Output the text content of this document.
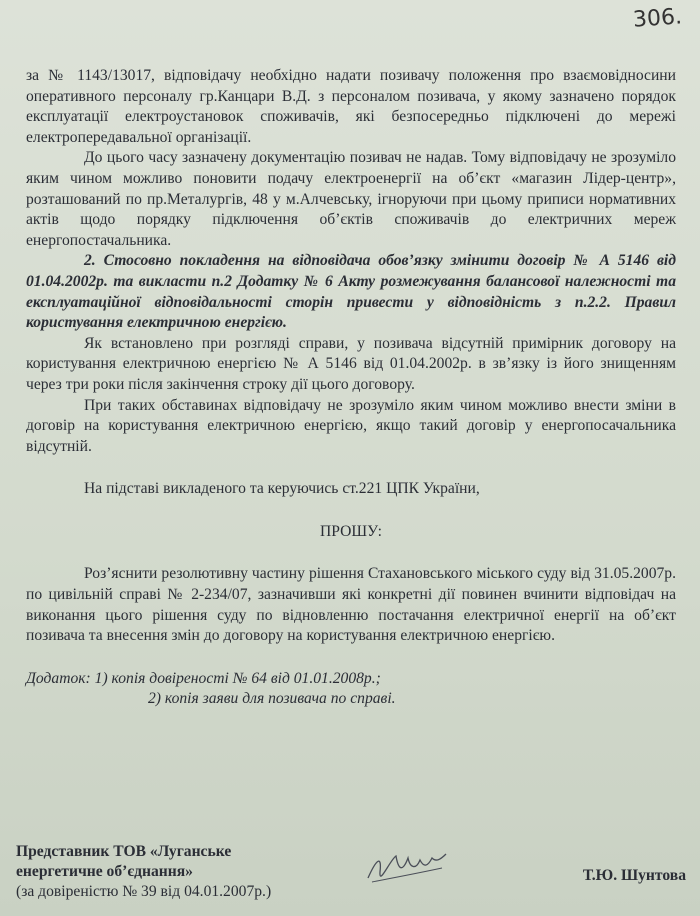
306.

за № 1143/13017, відповідачу необхідно надати позивачу положення про взаємовідносини оперативного персоналу гр.Канцари В.Д. з персоналом позивача, у якому зазначено порядок експлуатації електроустановок споживачів, які безпосередньо підключені до мережі електропередавальної організації.

До цього часу зазначену документацію позивач не надав. Тому відповідачу не зрозуміло яким чином можливо поновити подачу електроенергії на об’єкт «магазин Лідер-центр», розташований по пр.Металургів, 48 у м.Алчевську, ігноруючи при цьому приписи нормативних актів щодо порядку підключення об’єктів споживачів до електричних мереж енергопостачальника.

2. Стосовно покладення на відповідача обов’язку змінити договір № А 5146 від 01.04.2002р. та викласти п.2 Додатку № 6 Акту розмежування балансової належності та експлуатаційної відповідальності сторін привести у відповідність з п.2.2. Правил користування електричною енергією.

Як встановлено при розгляді справи, у позивача відсутній примірник договору на користування електричною енергією № А 5146 від 01.04.2002р. в зв’язку із його знищенням через три роки після закінчення строку дії цього договору.

При таких обставинах відповідачу не зрозуміло яким чином можливо внести зміни в договір на користування електричною енергією, якщо такий договір у енергопосачальника відсутній.

На підставі викладеного та керуючись ст.221 ЦПК України,

ПРОШУ:

Роз’яснити резолютивну частину рішення Стахановського міського суду від 31.05.2007р. по цивільній справі № 2-234/07, зазначивши які конкретні дії повинен вчинити відповідач на виконання цього рішення суду по відновленню постачання електричної енергії на об’єкт позивача та внесення змін до договору на користування електричною енергією.

Додаток: 1) копія довіреності № 64 від 01.01.2008р.;
2) копія заяви для позивача по справі.
Представник ТОВ «Луганське
енергетичне об’єднання»
(за довіреністю № 39 від 04.01.2007р.)
Т.Ю. Шунтова
